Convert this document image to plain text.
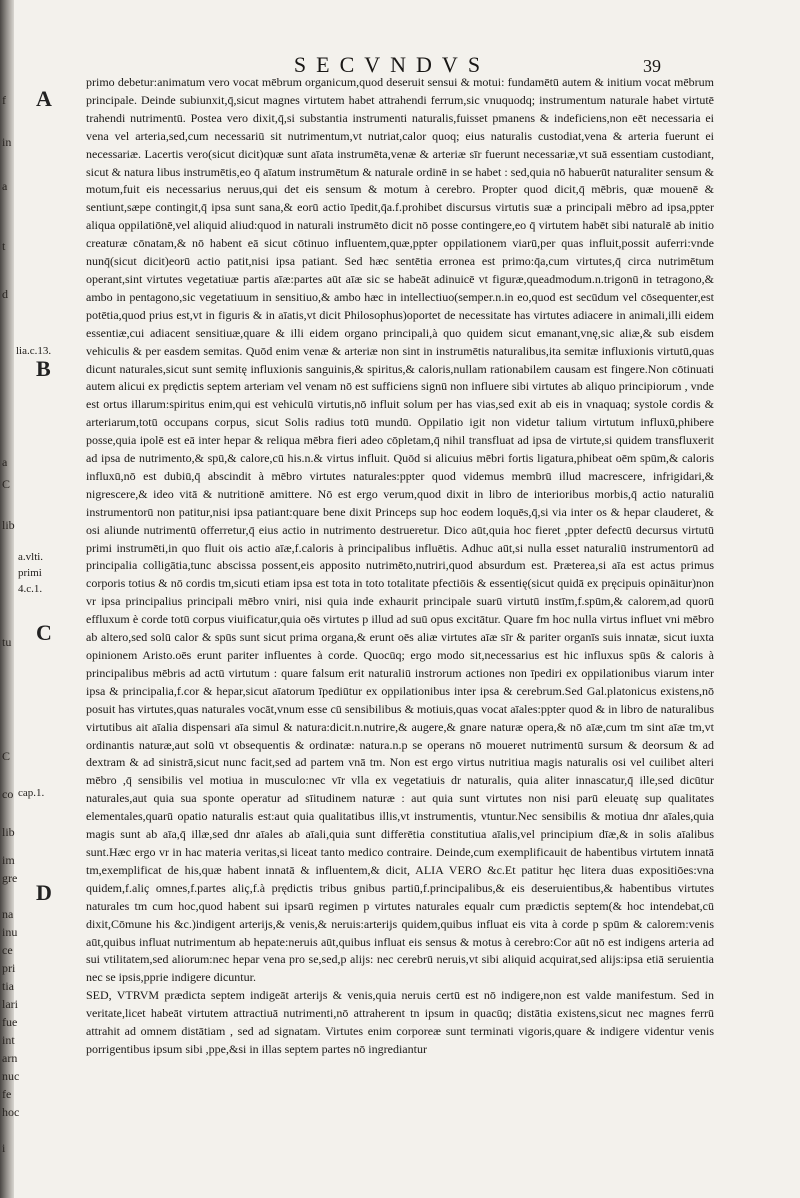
f
in
a
t
d
a
C
lib
tu
C
co
lib
im
gre
na
inu
ce
pri
tia
lari
fue
int
arn
nuc
fe
hoc
i
SECVNDVS	39
A
B
C
D
lia.c.13.
a.vlti.
primi
4.c.1.
cap.1.

primo debetur:animatum vero vocat mēbrum organicum,quod deseruit sensui & motui: fundamētū autem & initium vocat mēbrum principale. Deinde subiunxit,q̄,sicut magnes virtutem habet attrahendi ferrum,sic vnuquodq; instrumentum naturale habet virtutē trahendi nutrimentū. Postea vero dixit,q̄,si substantia instrumenti naturalis,fuisset pmanens & indeficiens,non eēt necessaria ei vena vel arteria,sed,cum necessariū sit nutrimentum,vt nutriat,calor quoq; eius naturalis custodiat,vena & arteria fuerunt ei necessariæ. Lacertis vero(sicut dicit)quæ sunt aīata instrumēta,venæ & arteriæ sīr fuerunt necessariæ,vt suā essentiam custodiant, sicut & natura libus instrumētis,eo q̄ aīatum instrumētum & naturale ordinē in se habet : sed,quia nō habuerūt naturaliter sensum & motum,fuit eis necessarius neruus,qui det eis sensum & motum à cerebro. Propter quod dicit,q̄ mēbris, quæ mouenē & sentiunt,sæpe contingit,q̄ ipsa sunt sana,& eorū actio īpedit,q̄a.f.prohibet discursus virtutis suæ a principali mēbro ad ipsa,ppter aliqua oppilatiōnē,vel aliquid aliud:quod in naturali instrumēto dicit nō posse contingere,eo q̄ virtutem habēt sibi naturalē ab initio creaturæ cōnatam,& nō habent eā sicut cōtinuo influentem,quæ,ppter oppilationem viarū,per quas influit,possit auferri:vnde nunq̄(sicut dicit)eorū actio patit,nisi ipsa patiant. Sed hæc sentētia erronea est primo:q̄a,cum virtutes,q̄ circa nutrimētum operant,sint virtutes vegetatiuæ partis aīæ:partes aūt aīæ sic se habeāt adinuicē vt figuræ,queadmodum.n.trigonū in tetragono,& ambo in pentagono,sic vegetatiuum in sensitiuo,& ambo hæc in intellectiuo(semper.n.in eo,quod est secūdum vel cōsequenter,est potētia,quod prius est,vt in figuris & in aīatis,vt dicit Philosophus)oportet de necessitate has virtutes adiacere in animali,illi eidem essentiæ,cui adiacent sensitiuæ,quare & illi eidem organo principali,à quo quidem sicut emanant,vnę,sic aliæ,& sub eisdem vehiculis & per easdem semitas. Quōd enim venæ & arteriæ non sint in instrumētis naturalibus,ita semitæ influxionis virtutū,quas dicunt naturales,sicut sunt semitę influxionis sanguinis,& spiritus,& caloris,nullam rationabilem causam est fingere.Non cōtinuati autem alicui ex prędictis septem arteriam vel venam nō est sufficiens signū non influere sibi virtutes ab aliquo principiorum , vnde est ortus illarum:spiritus enim,qui est vehiculū virtutis,nō influit solum per has vias,sed exit ab eis in vnaquaq; systole cordis & arteriarum,totū occupans corpus, sicut Solis radius totū mundū. Oppilatio igit non videtur talium virtutum influxū,phibere posse,quia ipolē est eā inter hepar & reliqua mēbra fieri adeo cōpletam,q̄ nihil transfluat ad ipsa de virtute,si quidem transfluxerit ad ipsa de nutrimento,& spū,& calore,cū his.n.& virtus influit. Quōd si alicuius mēbri fortis ligatura,phibeat oēm spūm,& caloris influxū,nō est dubiū,q̄ abscindit à mēbro virtutes naturales:ppter quod videmus membrū illud macrescere, infrigidari,& nigrescere,& ideo vitā & nutritionē amittere. Nō est ergo verum,quod dixit in libro de interioribus morbis,q̄ actio naturaliū instrumentorū non patitur,nisi ipsa patiant:quare bene dixit Princeps sup hoc eodem loquēs,q̄,si via inter os & hepar clauderet, & osi aliunde nutrimentū offerretur,q̄ eius actio in nutrimento destrueretur. Dico aūt,quia hoc fieret ,ppter defectū decursus virtutū primi instrumēti,in quo fluit ois actio aīæ,f.caloris à principalibus influētis. Adhuc aūt,si nulla esset naturaliū instrumentorū ad principalia colligātia,tunc abscissa possent,eis apposito nutrimēto,nutriri,quod absurdum est. Præterea,si aīa est actus primus corporis totius & nō cordis tm,sicuti etiam ipsa est tota in toto totalitate pfectiōis & essentię(sicut quidā ex pręcipuis opināitur)non vr ipsa principalius principali mēbro vniri, nisi quia inde exhaurit principale suarū virtutū instīm,f.spūm,& calorem,ad quorū effluxum è corde totū corpus viuificatur,quia oēs virtutes p illud ad suū opus excitātur. Quare fm hoc nulla virtus influet vni mēbro ab altero,sed solū calor & spūs sunt sicut prima organa,& erunt oēs aliæ virtutes aīæ sīr & pariter organīs suis innatæ, sicut iuxta opinionem Aristo.oēs erunt pariter influentes à corde. Quocūq; ergo modo sit,necessarius est hic influxus spūs & caloris à principalibus mēbris ad actū virtutum : quare falsum erit naturaliū instrorum actiones non īpediri ex oppilationibus viarum inter ipsa & principalia,f.cor & hepar,sicut aīatorum īpediūtur ex oppilationibus inter ipsa & cerebrum.Sed Gal.platonicus existens,nō posuit has virtutes,quas naturales vocāt,vnum esse cū sensibilibus & motiuis,quas vocat aīales:ppter quod & in libro de naturalibus virtutibus ait aīalia dispensari aīa simul & natura:dicit.n.nutrire,& augere,& gnare naturæ opera,& nō aīæ,cum tm sint aīæ tm,vt ordinantis naturæ,aut solū vt obsequentis & ordinatæ: natura.n.p se operans nō moueret nutrimentū sursum & deorsum & ad dextram & ad sinistrā,sicut nunc facit,sed ad partem vnā tm. Non est ergo virtus nutritiua magis naturalis osi vel cuilibet alteri mēbro ,q̄ sensibilis vel motiua in musculo:nec vīr vlla ex vegetatiuis dr naturalis, quia aliter innascatur,q̄ ille,sed dicūtur naturales,aut quia sua sponte operatur ad sīitudinem naturæ : aut quia sunt virtutes non nisi parū eleuatę sup qualitates elementales,quarū opatio naturalis est:aut quia qualitatibus illis,vt instrumentis, vtuntur.Nec sensibilis & motiua dnr aīales,quia magis sunt ab aīa,q̄ illæ,sed dnr aīales ab aīali,quia sunt differētia constitutiua aīalis,vel principium dīæ,& in solis aīalibus sunt.Hæc ergo vr in hac materia veritas,si liceat tanto medico contraire. Deinde,cum exemplificauit de habentibus virtutem innatā tm,exemplificat de his,quæ habent innatā & influentem,& dicit, ALIA VERO &c.Et patitur hęc litera duas expositiōes:vna quidem,f.aliç omnes,f.partes aliç,f.à prędictis tribus gnibus partiū,f.principalibus,& eis deseruientibus,& habentibus virtutes naturales tm cum hoc,quod habent sui ipsarū regimen p virtutes naturales equalr cum prædictis septem(& hoc intendebat,cū dixit,Cōmune his &c.)indigent arterijs,& venis,& neruis:arterijs quidem,quibus influat eis vita à corde p spūm & calorem:venis aūt,quibus influat nutrimentum ab hepate:neruis aūt,quibus influat eis sensus & motus à cerebro:Cor aūt nō est indigens arteria ad sui vtilitatem,sed aliorum:nec hepar vena pro se,sed,p alijs: nec cerebrū neruis,vt sibi aliquid acquirat,sed alijs:ipsa etiā seruientia nec se ipsis,pprie indigere dicuntur.

SED, VTRVM prædicta septem indigeāt arterijs & venis,quia neruis certū est nō indigere,non est valde manifestum. Sed in veritate,licet habeāt virtutem attractiuā nutrimenti,nō attraherent tn ipsum in quacūq; distātia existens,sicut nec magnes ferrū attrahit ad omnem distātiam , sed ad signatam. Virtutes enim corporeæ sunt terminati vigoris,quare & indigere videntur venis porrigentibus ipsum sibi ,ppe,&si in illas septem partes nō ingrediantur
